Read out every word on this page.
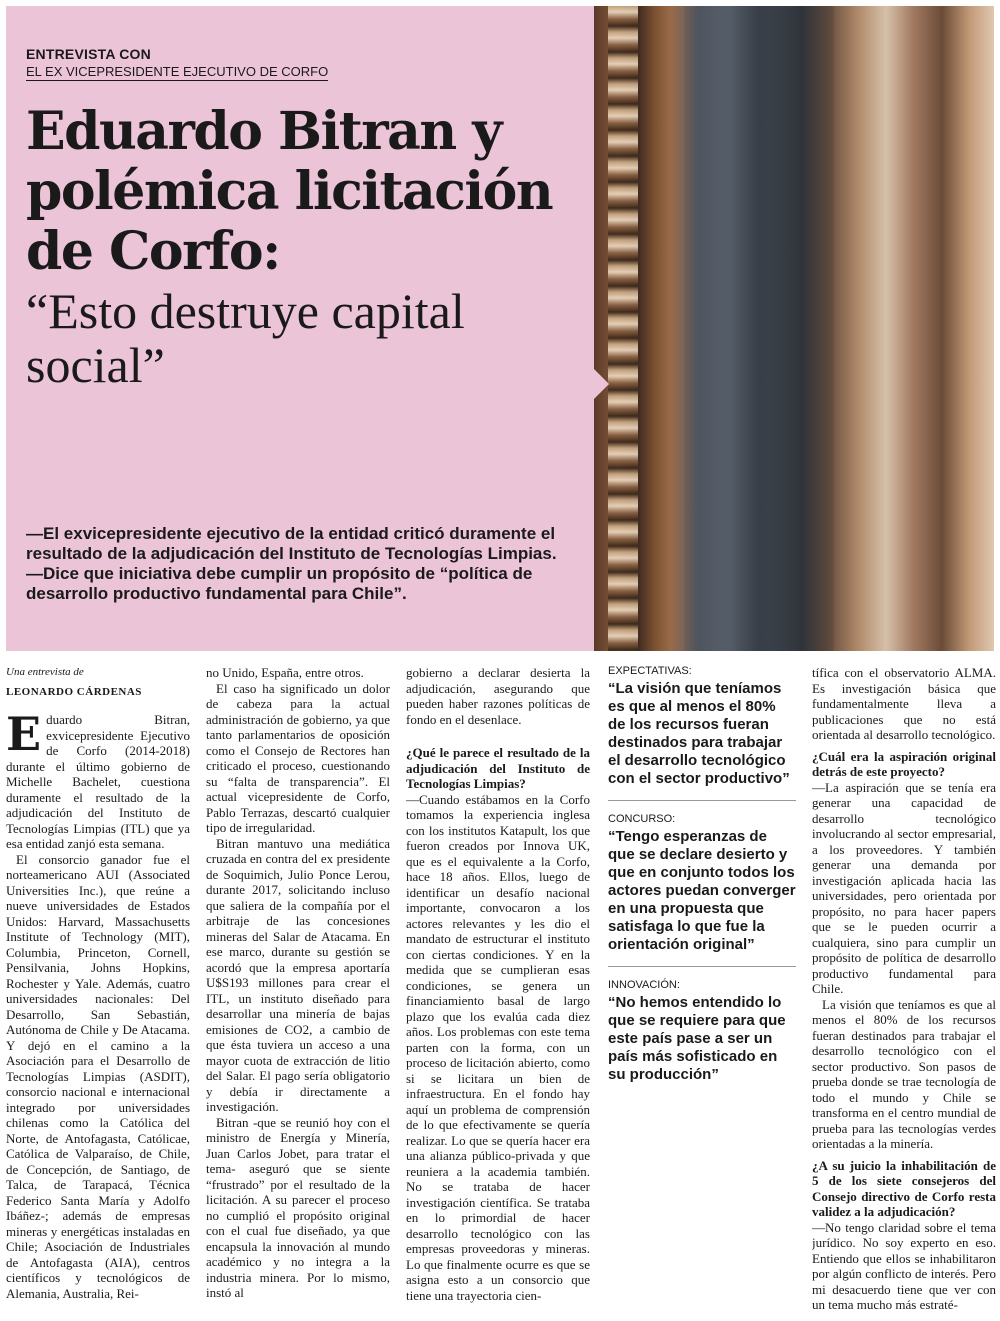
ENTREVISTA CON
EL EX VICEPRESIDENTE EJECUTIVO DE CORFO
Eduardo Bitran y polémica licitación de Corfo:
“Esto destruye capital social”
—El exvicepresidente ejecutivo de la entidad criticó duramente el resultado de la adjudicación del Instituto de Tecnologías Limpias.
—Dice que iniciativa debe cumplir un propósito de “política de desarrollo productivo fundamental para Chile”.
Una entrevista de
LEONARDO CÁRDENAS

Eduardo Bitran, exvicepresidente Ejecutivo de Corfo (2014-2018) durante el último gobierno de Michelle Bachelet, cuestiona duramente el resultado de la adjudicación del Instituto de Tecnologías Limpias (ITL) que ya esa entidad zanjó esta semana.

El consorcio ganador fue el norteamericano AUI (Associated Universities Inc.), que reúne a nueve universidades de Estados Unidos: Harvard, Massachusetts Institute of Technology (MIT), Columbia, Princeton, Cornell, Pensilvania, Johns Hopkins, Rochester y Yale. Además, cuatro universidades nacionales: Del Desarrollo, San Sebastián, Autónoma de Chile y De Atacama. Y dejó en el camino a la Asociación para el Desarrollo de Tecnologías Limpias (ASDIT), consorcio nacional e internacional integrado por universidades chilenas como la Católica del Norte, de Antofagasta, Católicae, Católica de Valparaíso, de Chile, de Concepción, de Santiago, de Talca, de Tarapacá, Técnica Federico Santa María y Adolfo Ibáñez-; además de empresas mineras y energéticas instaladas en Chile; Asociación de Industriales de Antofagasta (AIA), centros científicos y tecnológicos de Alemania, Australia, Rei-

no Unido, España, entre otros.

El caso ha significado un dolor de cabeza para la actual administración de gobierno, ya que tanto parlamentarios de oposición como el Consejo de Rectores han criticado el proceso, cuestionando su “falta de transparencia”. El actual vicepresidente de Corfo, Pablo Terrazas, descartó cualquier tipo de irregularidad.

Bitran mantuvo una mediática cruzada en contra del ex presidente de Soquimich, Julio Ponce Lerou, durante 2017, solicitando incluso que saliera de la compañía por el arbitraje de las concesiones mineras del Salar de Atacama. En ese marco, durante su gestión se acordó que la empresa aportaría U$S193 millones para crear el ITL, un instituto diseñado para desarrollar una minería de bajas emisiones de CO2, a cambio de que ésta tuviera un acceso a una mayor cuota de extracción de litio del Salar. El pago sería obligatorio y debía ir directamente a investigación.

Bitran -que se reunió hoy con el ministro de Energía y Minería, Juan Carlos Jobet, para tratar el tema- aseguró que se siente “frustrado” por el resultado de la licitación. A su parecer el proceso no cumplió el propósito original con el cual fue diseñado, ya que encapsula la innovación al mundo académico y no integra a la industria minera. Por lo mismo, instó al

gobierno a declarar desierta la adjudicación, asegurando que pueden haber razones políticas de fondo en el desenlace.

¿Qué le parece el resultado de la adjudicación del Instituto de Tecnologías Limpias?

—Cuando estábamos en la Corfo tomamos la experiencia inglesa con los institutos Katapult, los que fueron creados por Innova UK, que es el equivalente a la Corfo, hace 18 años. Ellos, luego de identificar un desafío nacional importante, convocaron a los actores relevantes y les dio el mandato de estructurar el instituto con ciertas condiciones. Y en la medida que se cumplieran esas condiciones, se genera un financiamiento basal de largo plazo que los evalúa cada diez años. Los problemas con este tema parten con la forma, con un proceso de licitación abierto, como si se licitara un bien de infraestructura. En el fondo hay aquí un problema de comprensión de lo que efectivamente se quería realizar. Lo que se quería hacer era una alianza público-privada y que reuniera a la academia también. No se trataba de hacer investigación científica. Se trataba en lo primordial de hacer desarrollo tecnológico con las empresas proveedoras y mineras. Lo que finalmente ocurre es que se asigna esto a un consorcio que tiene una trayectoria cien-

EXPECTATIVAS:
“La visión que teníamos es que al menos el 80% de los recursos fueran destinados para trabajar el desarrollo tecnológico con el sector productivo”
CONCURSO:
“Tengo esperanzas de que se declare desierto y que en conjunto todos los actores puedan converger en una propuesta que satisfaga lo que fue la orientación original”
INNOVACIÓN:
“No hemos entendido lo que se requiere para que este país pase a ser un país más sofisticado en su producción”

tífica con el observatorio ALMA. Es investigación básica que fundamentalmente lleva a publicaciones que no está orientada al desarrollo tecnológico.

¿Cuál era la aspiración original detrás de este proyecto?

—La aspiración que se tenía era generar una capacidad de desarrollo tecnológico involucrando al sector empresarial, a los proveedores. Y también generar una demanda por investigación aplicada hacia las universidades, pero orientada por propósito, no para hacer papers que se le pueden ocurrir a cualquiera, sino para cumplir un propósito de política de desarrollo productivo fundamental para Chile.

La visión que teníamos es que al menos el 80% de los recursos fueran destinados para trabajar el desarrollo tecnológico con el sector productivo. Son pasos de prueba donde se trae tecnología de todo el mundo y Chile se transforma en el centro mundial de prueba para las tecnologías verdes orientadas a la minería.

¿A su juicio la inhabilitación de 5 de los siete consejeros del Consejo directivo de Corfo resta validez a la adjudicación?

—No tengo claridad sobre el tema jurídico. No soy experto en eso. Entiendo que ellos se inhabilitaron por algún conflicto de interés. Pero mi desacuerdo tiene que ver con un tema mucho más estraté-
